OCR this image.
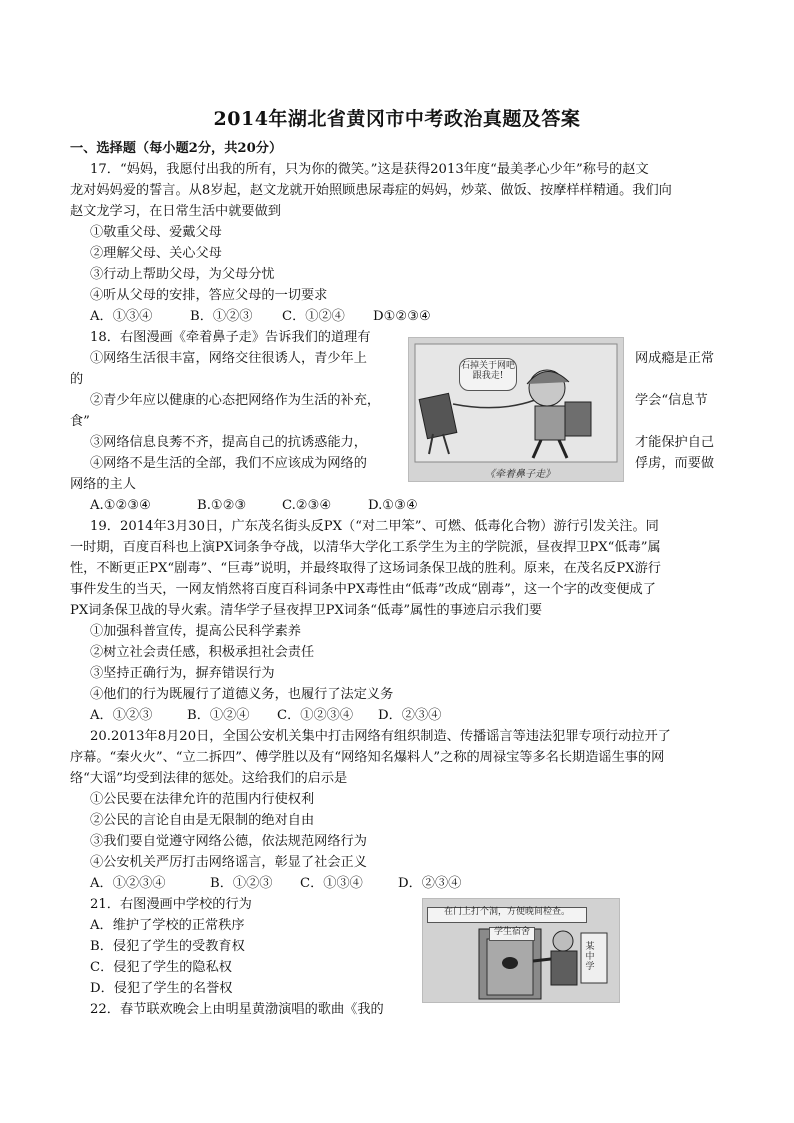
2014年湖北省黄冈市中考政治真题及答案
一、选择题（每小题2分，共20分）
17．“妈妈，我愿付出我的所有，只为你的微笑。”这是获得2013年度“最美孝心少年”称号的赵文
龙对妈妈爱的誓言。从8岁起，赵文龙就开始照顾患尿毒症的妈妈，炒菜、做饭、按摩样样精通。我们向
赵文龙学习，在日常生活中就要做到
①敬重父母、爱戴父母
②理解父母、关心父母
③行动上帮助父母，为父母分忧
④听从父母的安排，答应父母的一切要求
A．①③④	B．①②③ C．①②④ D①②③④
18．右图漫画《牵着鼻子走》告诉我们的道理有
①网络生活很丰富，网络交往很诱人，青少年上	网成瘾是正常
的
②青少年应以健康的心态把网络作为生活的补充，	学会“信息节
食”
③网络信息良莠不齐，提高自己的抗诱惑能力，	才能保护自己
④网络不是生活的全部，我们不应该成为网络的	俘虏，而要做
网络的主人
A.①②③④	B.①②③	C.②③④	D.①③④
石掉关于网吧跟我走!
《牵着鼻子走》
19．2014年3月30日，广东茂名街头反PX（“对二甲笨”、可燃、低毒化合物）游行引发关注。同
一时期，百度百科也上演PX词条争夺战，以清华大学化工系学生为主的学院派，昼夜捍卫PX“低毒”属
性，不断更正PX“剧毒”、“巨毒”说明，并最终取得了这场词条保卫战的胜利。原来，在茂名反PX游行
事件发生的当天，一网友悄然将百度百科词条中PX毒性由“低毒”改成“剧毒”，这一个字的改变便成了
PX词条保卫战的导火索。清华学子昼夜捍卫PX词条“低毒”属性的事迹启示我们要
①加强科普宣传，提高公民科学素养
②树立社会责任感，积极承担社会责任
③坚持正确行为，摒弃错误行为
④他们的行为既履行了道德义务，也履行了法定义务
A．①②③	B．①②④ C．①②③④ D．②③④
20.2013年8月20日，全国公安机关集中打击网络有组织制造、传播谣言等违法犯罪专项行动拉开了
序幕。“秦火火”、“立二拆四”、傅学胜以及有“网络知名爆料人”之称的周禄宝等多名长期造谣生事的网
络“大谣”均受到法律的惩处。这给我们的启示是
①公民要在法律允许的范围内行使权利
②公民的言论自由是无限制的绝对自由
③我们要自觉遵守网络公德，依法规范网络行为
④公安机关严厉打击网络谣言，彰显了社会正义
A．①②③④	B．①②③ C．①③④	D．②③④
21．右图漫画中学校的行为
A．维护了学校的正常秩序
B．侵犯了学生的受教育权
C．侵犯了学生的隐私权
D．侵犯了学生的名誉权
在门上打个洞，方便晚间检查。
学生宿舍
某中学
22．春节联欢晚会上由明星黄渤演唱的歌曲《我的
